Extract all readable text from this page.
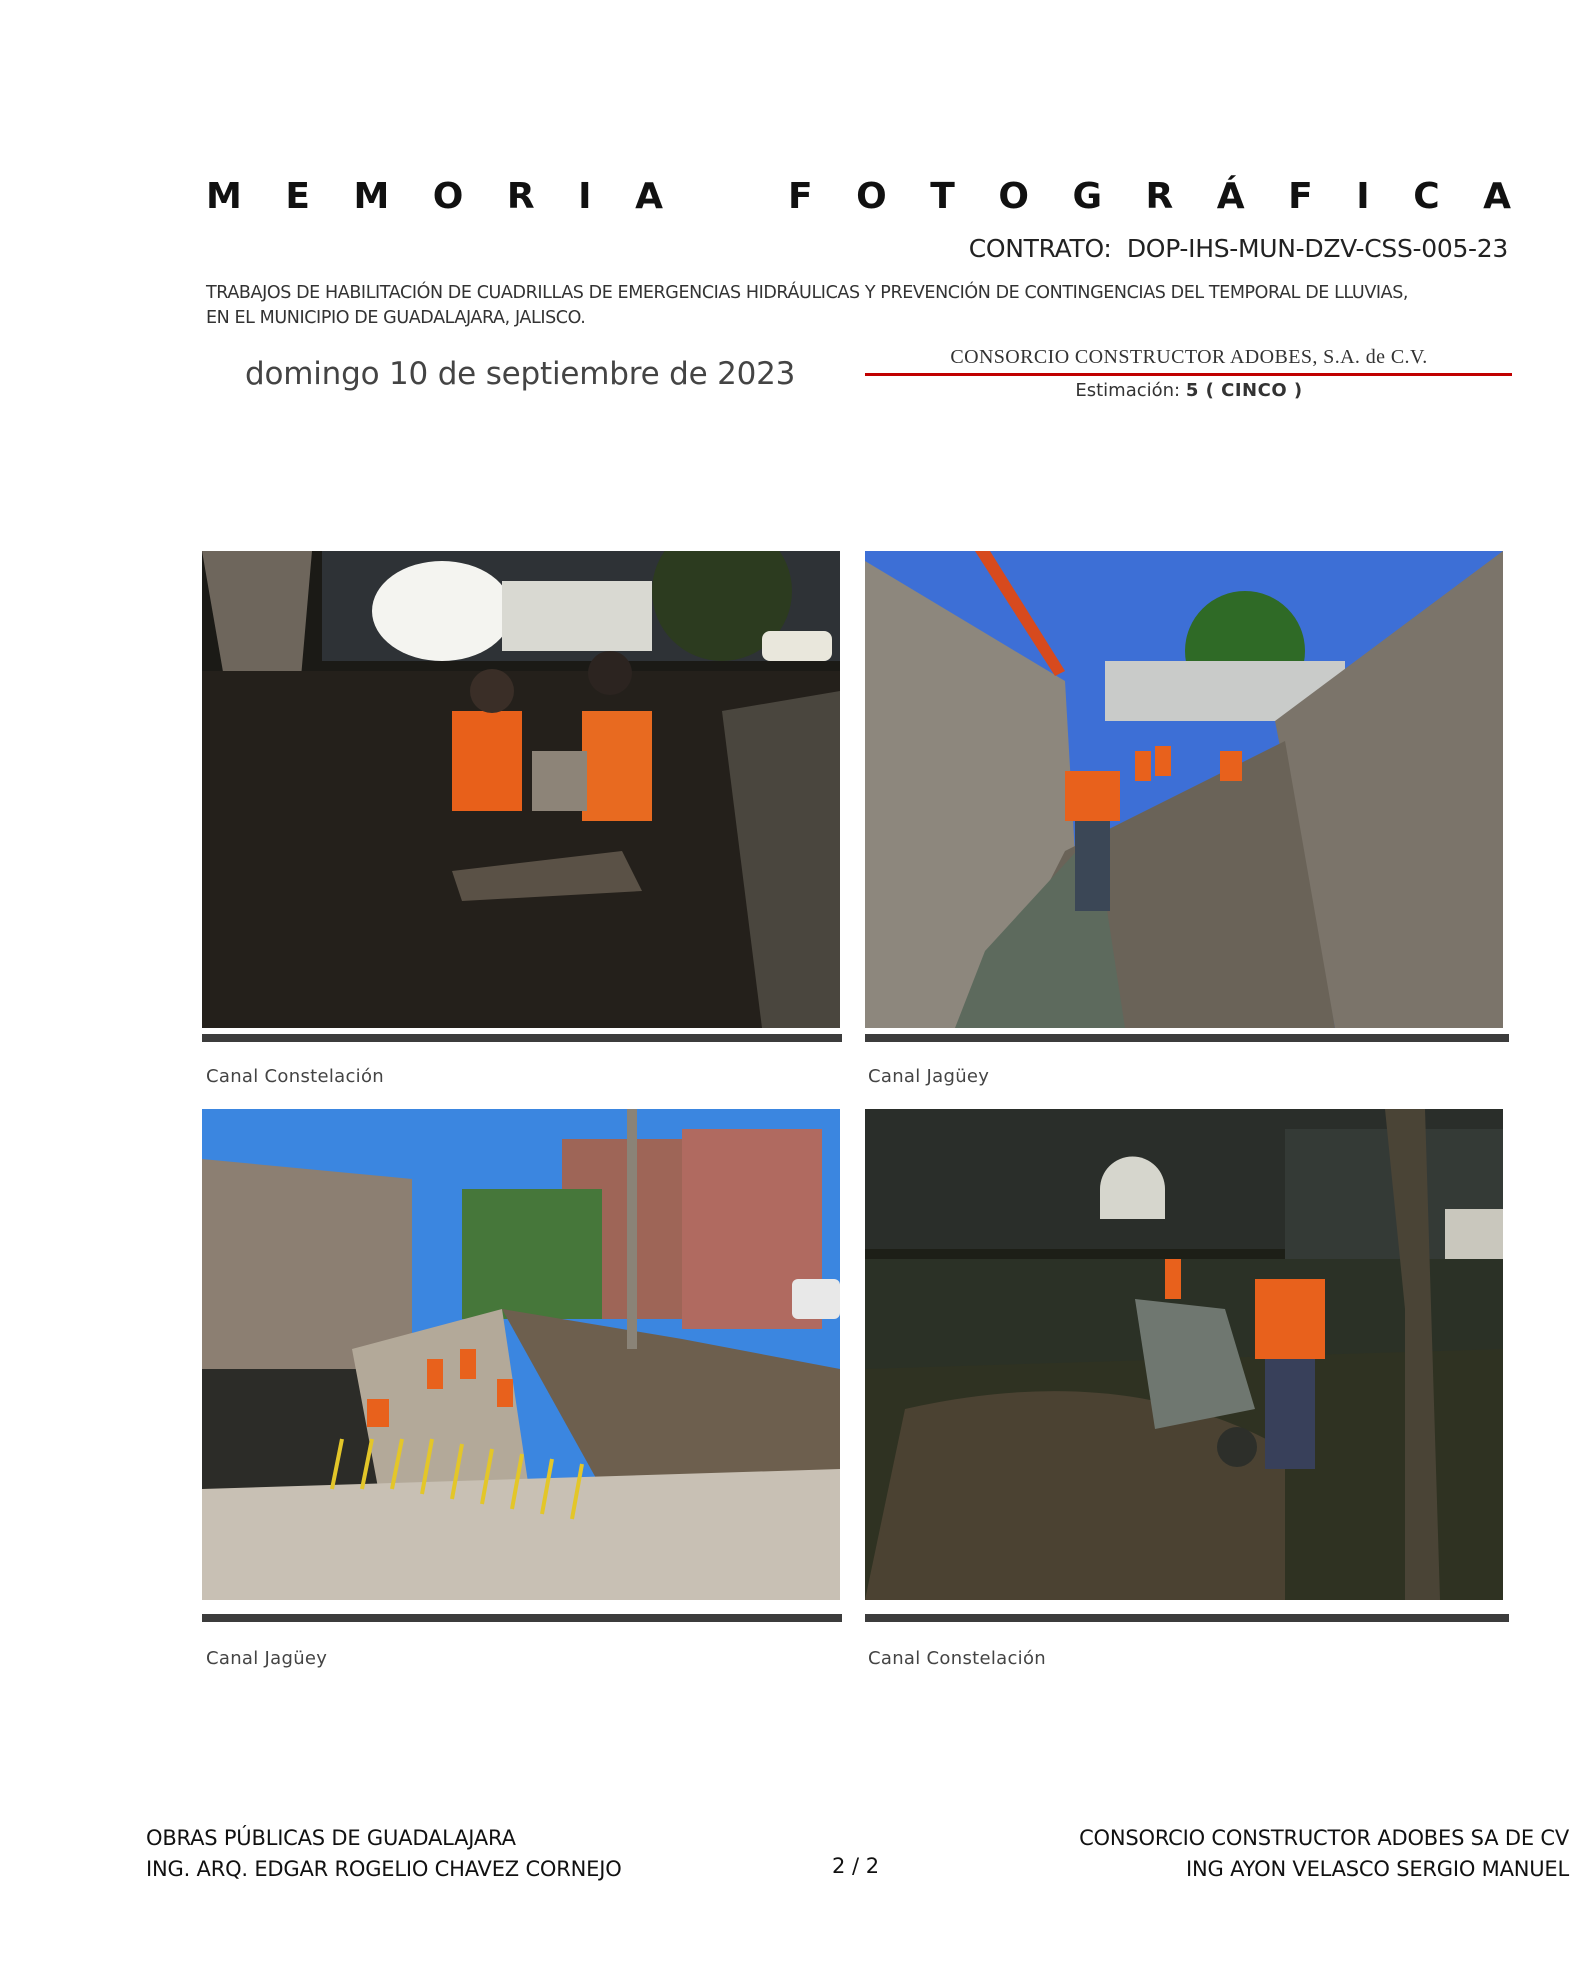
M E M O R I A	F O T O G R Á F I C A
CONTRATO: DOP-IHS-MUN-DZV-CSS-005-23
TRABAJOS DE HABILITACIÓN DE CUADRILLAS DE EMERGENCIAS HIDRÁULICAS Y PREVENCIÓN DE CONTINGENCIAS DEL TEMPORAL DE LLUVIAS,
EN EL MUNICIPIO DE GUADALAJARA, JALISCO.
domingo 10 de septiembre de 2023	CONSORCIO CONSTRUCTOR ADOBES, S.A. de C.V.
Estimación: 5 ( CINCO )
Canal Constelación	Canal Jagüey
Canal Jagüey	Canal Constelación
OBRAS PÚBLICAS DE GUADALAJARA
ING. ARQ. EDGAR ROGELIO CHAVEZ CORNEJO	2 / 2
CONSORCIO CONSTRUCTOR ADOBES SA DE CV
ING AYON VELASCO SERGIO MANUEL
